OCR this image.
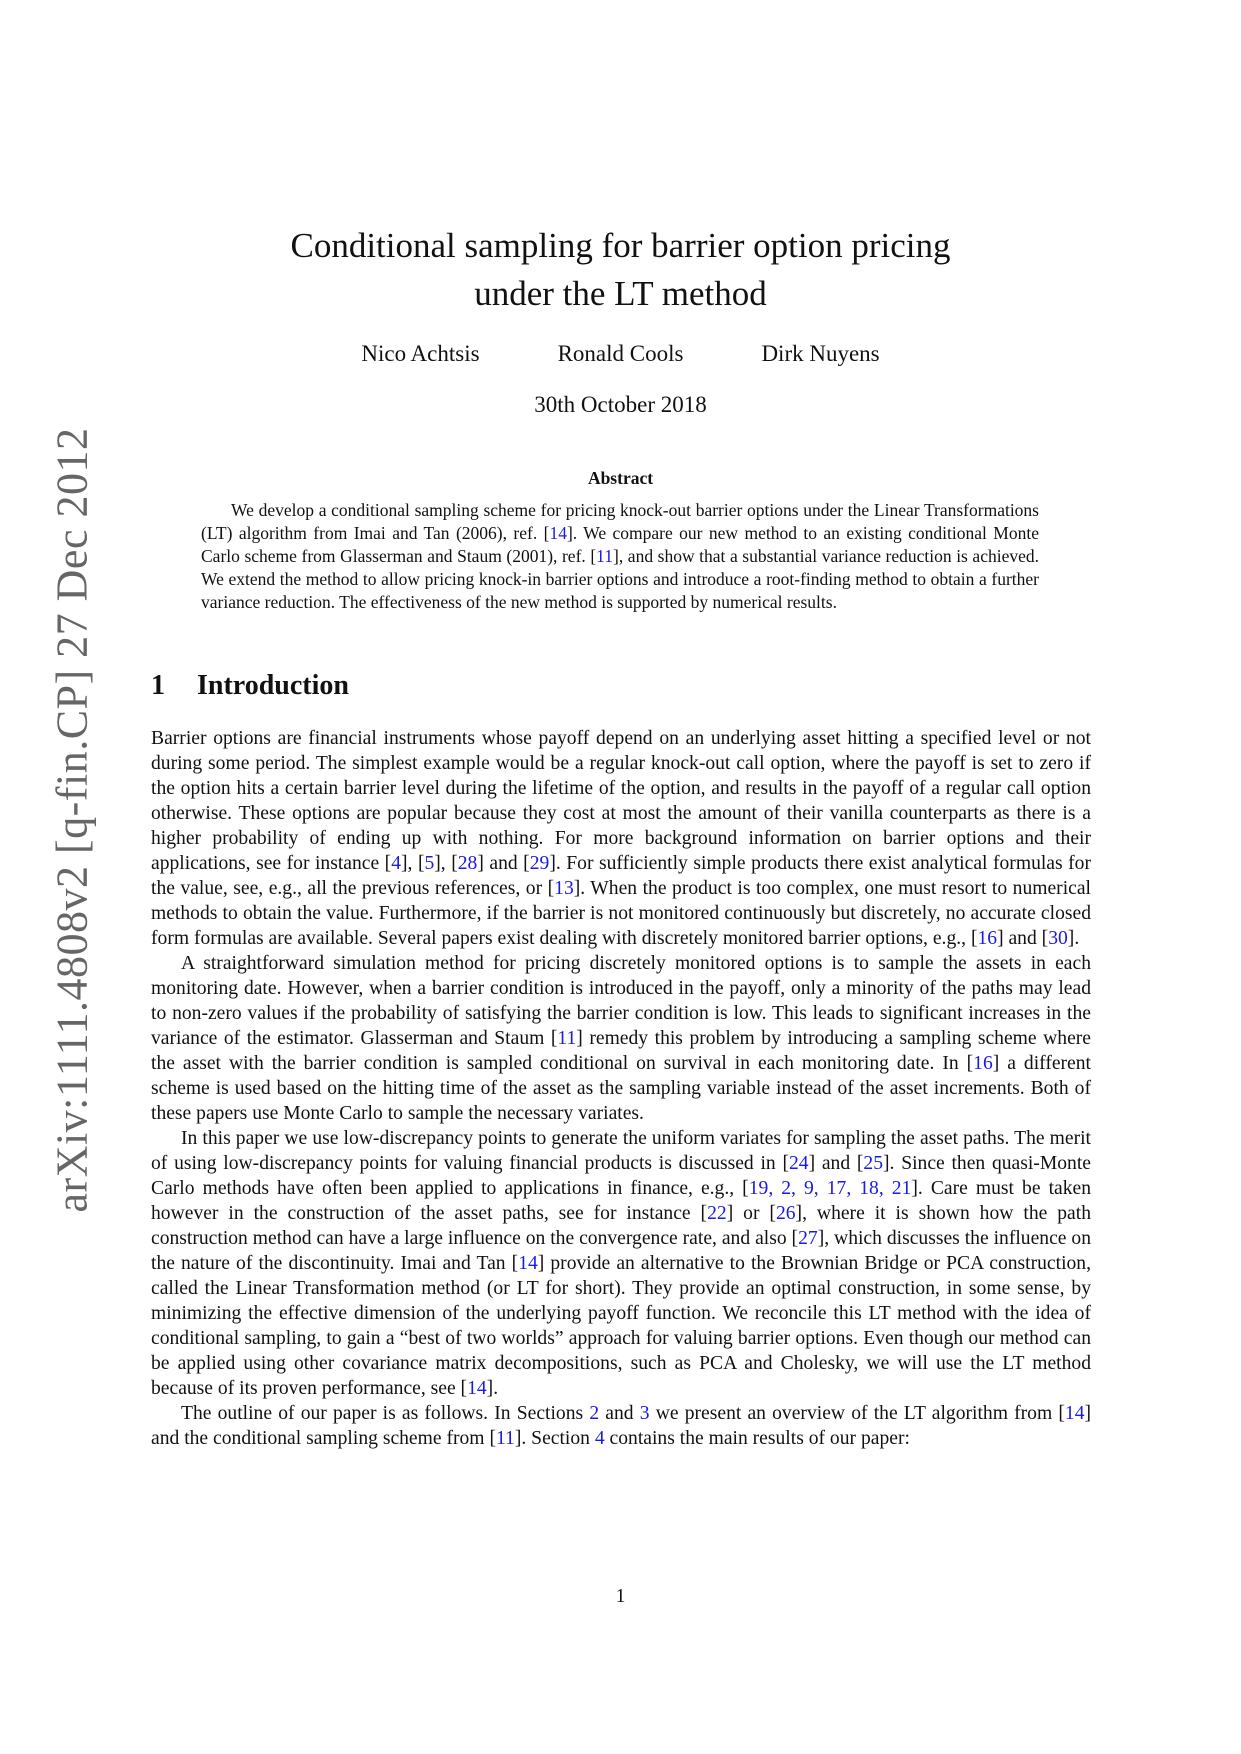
arXiv:1111.4808v2 [q-fin.CP] 27 Dec 2012
Conditional sampling for barrier option pricing
under the LT method
Nico Achtsis	Ronald Cools	Dirk Nuyens
30th October 2018
Abstract

We develop a conditional sampling scheme for pricing knock-out barrier options under the Linear Transformations (LT) algorithm from Imai and Tan (2006), ref. [14]. We compare our new method to an existing conditional Monte Carlo scheme from Glasserman and Staum (2001), ref. [11], and show that a substantial variance reduction is achieved. We extend the method to allow pricing knock-in barrier options and introduce a root-finding method to obtain a further variance reduction. The effectiveness of the new method is supported by numerical results.

1 Introduction

Barrier options are financial instruments whose payoff depend on an underlying asset hitting a specified level or not during some period. The simplest example would be a regular knock-out call option, where the payoff is set to zero if the option hits a certain barrier level during the lifetime of the option, and results in the payoff of a regular call option otherwise. These options are popular because they cost at most the amount of their vanilla counterparts as there is a higher probability of ending up with nothing. For more background information on barrier options and their applications, see for instance [4], [5], [28] and [29]. For sufficiently simple products there exist analytical formulas for the value, see, e.g., all the previous references, or [13]. When the product is too complex, one must resort to numerical methods to obtain the value. Furthermore, if the barrier is not monitored continuously but discretely, no accurate closed form formulas are available. Several papers exist dealing with discretely monitored barrier options, e.g., [16] and [30].

A straightforward simulation method for pricing discretely monitored options is to sample the assets in each monitoring date. However, when a barrier condition is introduced in the payoff, only a minority of the paths may lead to non-zero values if the probability of satisfying the barrier condition is low. This leads to significant increases in the variance of the estimator. Glasserman and Staum [11] remedy this problem by introducing a sampling scheme where the asset with the barrier condition is sampled conditional on survival in each monitoring date. In [16] a different scheme is used based on the hitting time of the asset as the sampling variable instead of the asset increments. Both of these papers use Monte Carlo to sample the necessary variates.

In this paper we use low-discrepancy points to generate the uniform variates for sampling the asset paths. The merit of using low-discrepancy points for valuing financial products is discussed in [24] and [25]. Since then quasi-Monte Carlo methods have often been applied to applications in finance, e.g., [19, 2, 9, 17, 18, 21]. Care must be taken however in the construction of the asset paths, see for instance [22] or [26], where it is shown how the path construction method can have a large influence on the convergence rate, and also [27], which discusses the influence on the nature of the discontinuity. Imai and Tan [14] provide an alternative to the Brownian Bridge or PCA construction, called the Linear Transformation method (or LT for short). They provide an optimal construction, in some sense, by minimizing the effective dimension of the underlying payoff function. We reconcile this LT method with the idea of conditional sampling, to gain a “best of two worlds” approach for valuing barrier options. Even though our method can be applied using other covariance matrix decompositions, such as PCA and Cholesky, we will use the LT method because of its proven performance, see [14].

The outline of our paper is as follows. In Sections 2 and 3 we present an overview of the LT algorithm from [14] and the conditional sampling scheme from [11]. Section 4 contains the main results of our paper:

1
